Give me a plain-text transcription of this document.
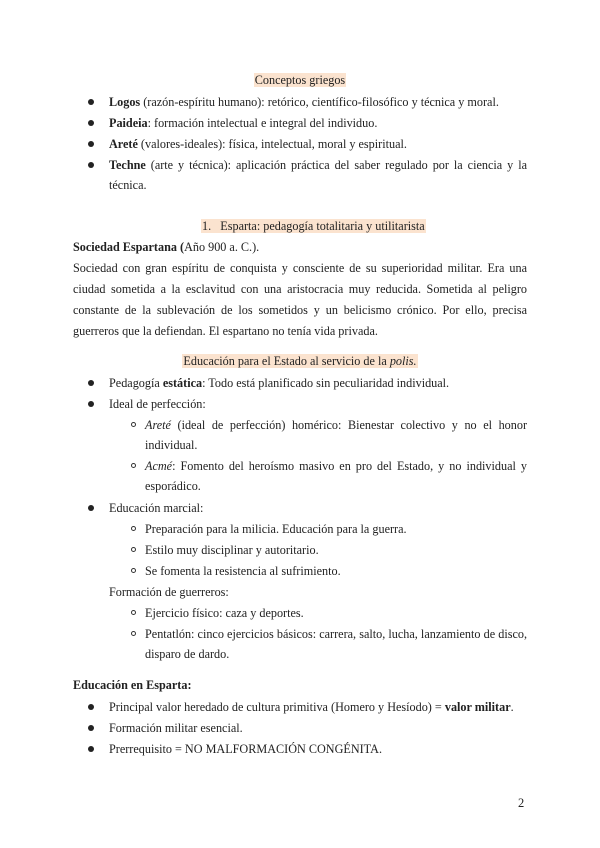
Conceptos griegos
Logos (razón-espíritu humano): retórico, científico-filosófico y técnica y moral.
Paideia: formación intelectual e integral del individuo.
Areté (valores-ideales): física, intelectual, moral y espiritual.
Techne (arte y técnica): aplicación práctica del saber regulado por la ciencia y la
técnica.
1. Esparta: pedagogía totalitaria y utilitarista
Sociedad Espartana (Año 900 a. C.).
Sociedad con gran espíritu de conquista y consciente de su superioridad militar. Era una
ciudad sometida a la esclavitud con una aristocracia muy reducida. Sometida al peligro
constante de la sublevación de los sometidos y un belicismo crónico. Por ello, precisa
guerreros que la defiendan. El espartano no tenía vida privada.
Educación para el Estado al servicio de la polis.
Pedagogía estática: Todo está planificado sin peculiaridad individual.
Ideal de perfección:
Areté (ideal de perfección) homérico: Bienestar colectivo y no el honor
individual.
Acmé: Fomento del heroísmo masivo en pro del Estado, y no individual y
esporádico.
Educación marcial:
Preparación para la milicia. Educación para la guerra.
Estilo muy disciplinar y autoritario.
Se fomenta la resistencia al sufrimiento.
Formación de guerreros:
Ejercicio físico: caza y deportes.
Pentatlón: cinco ejercicios básicos: carrera, salto, lucha, lanzamiento de disco,
disparo de dardo.
Educación en Esparta:
Principal valor heredado de cultura primitiva (Homero y Hesíodo) = valor militar.
Formación militar esencial.
Prerrequisito = NO MALFORMACIÓN CONGÉNITA.
2
